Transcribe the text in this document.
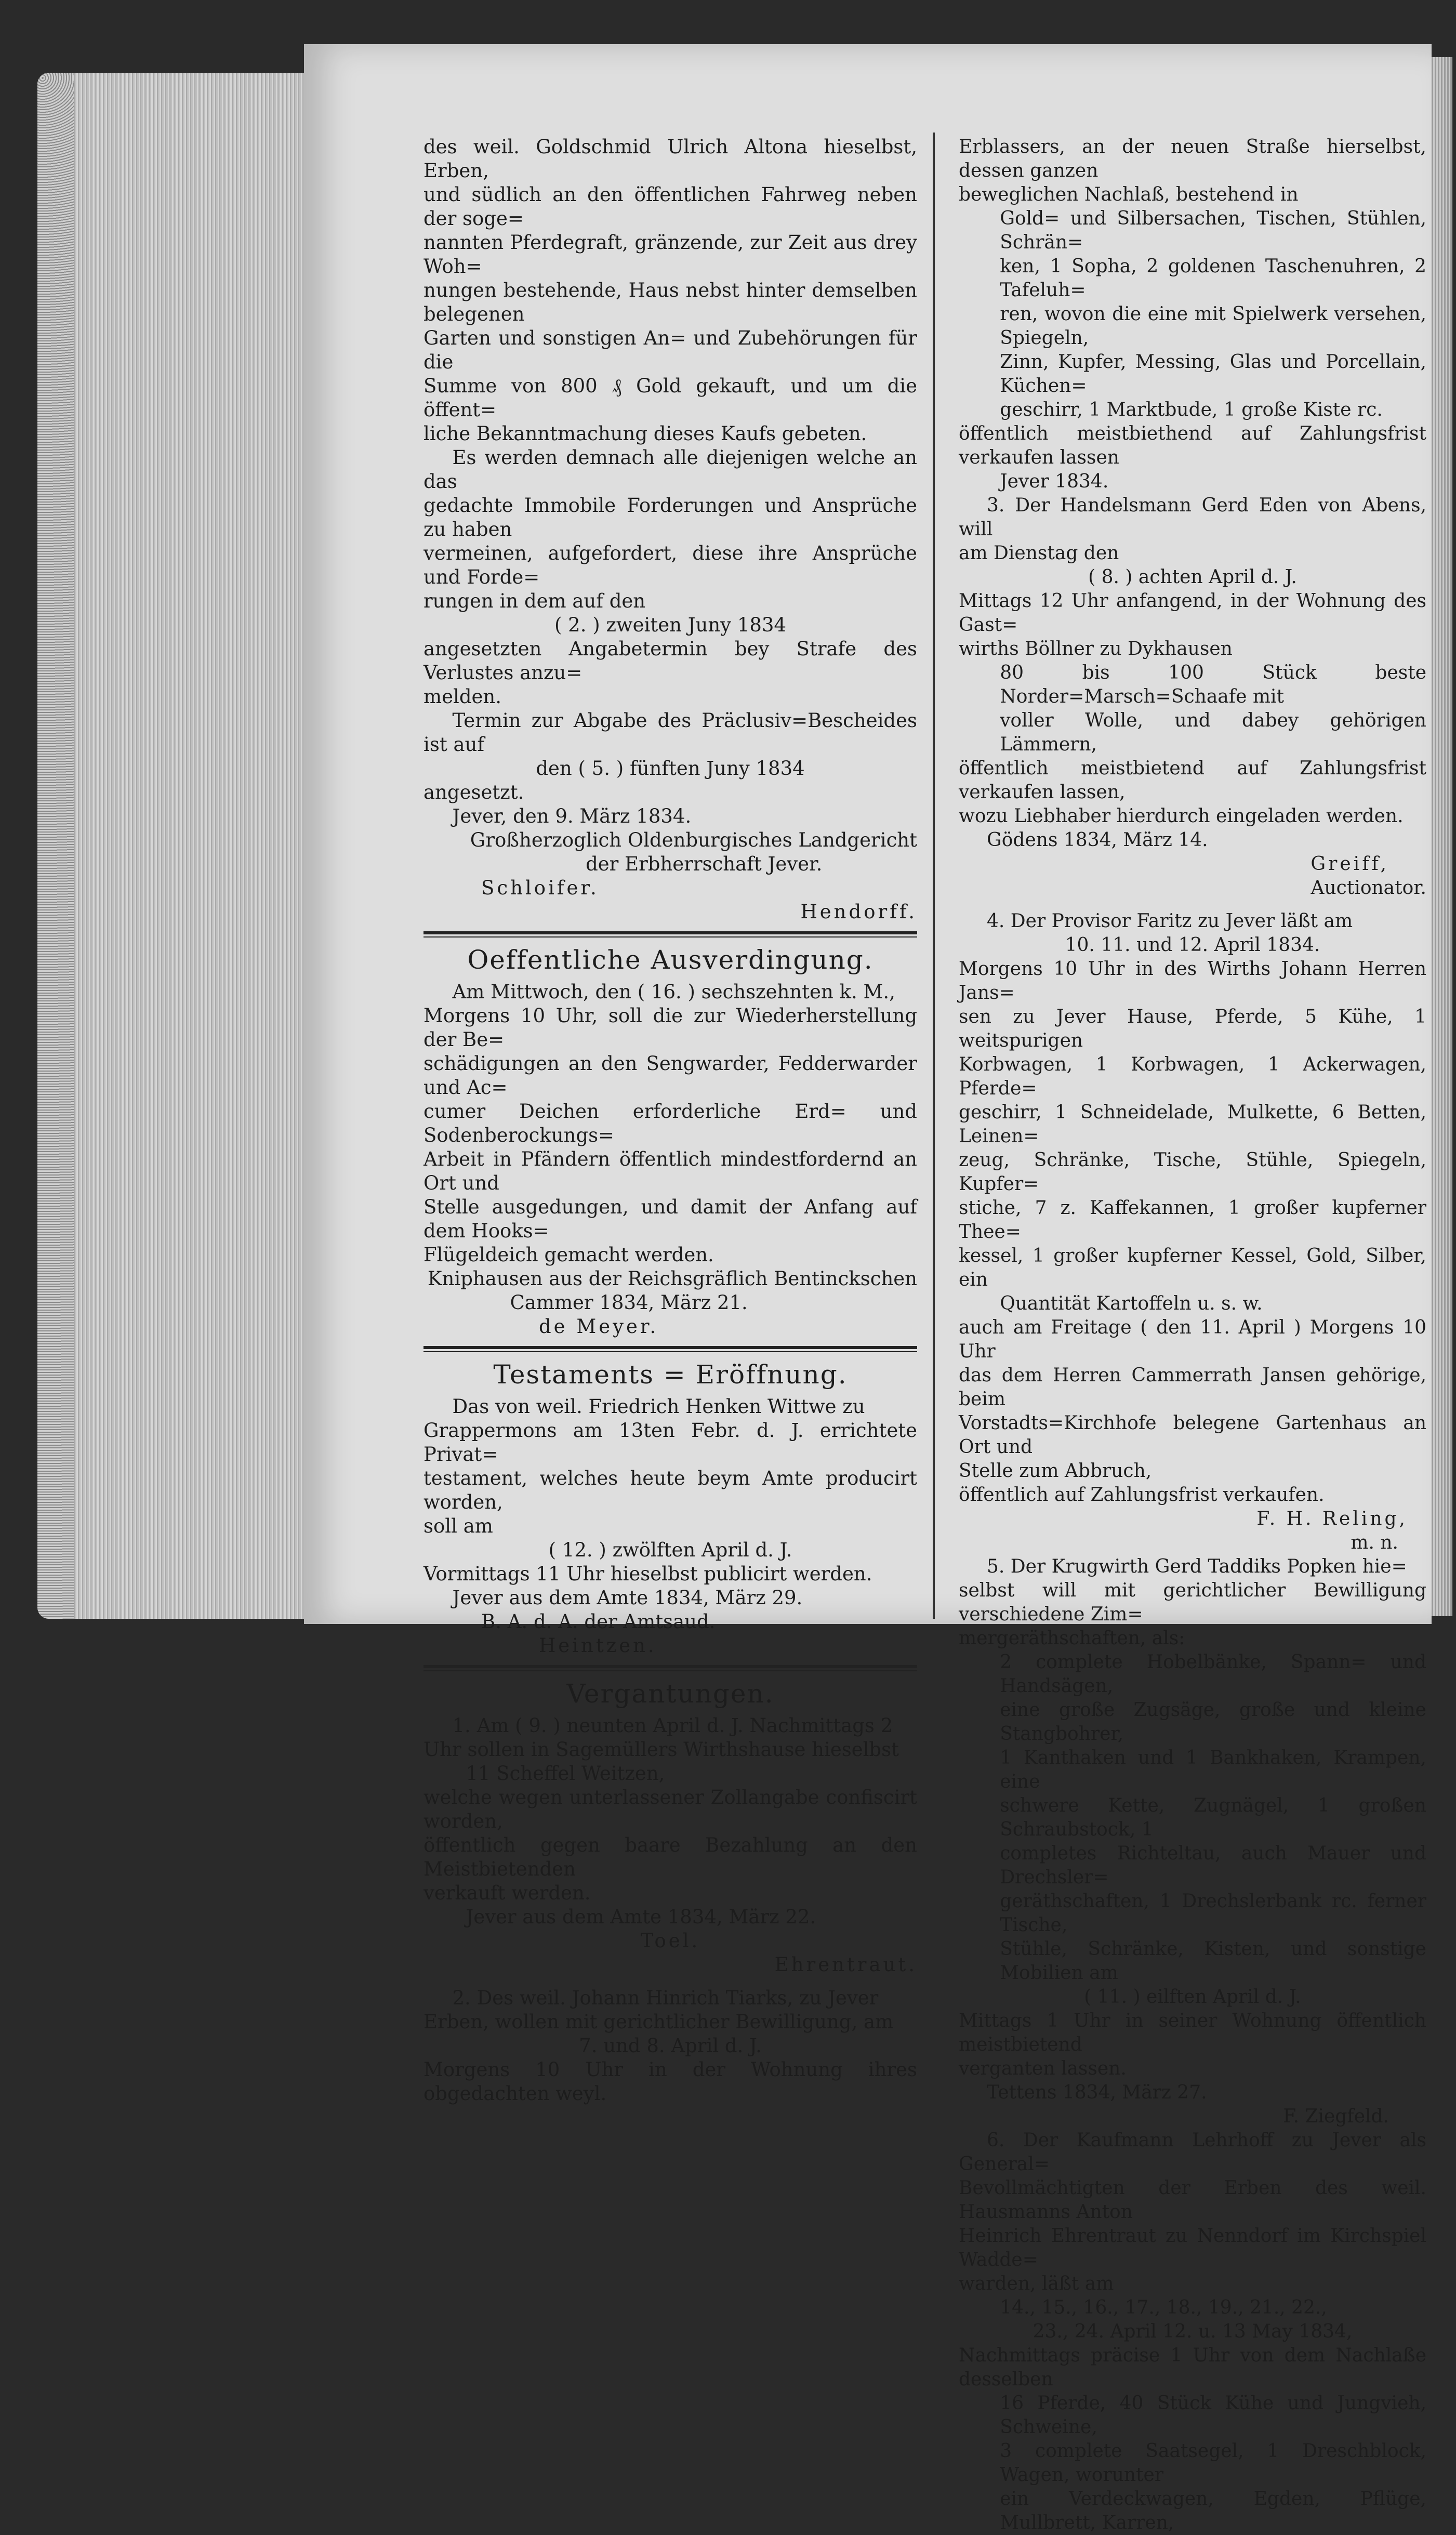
des weil. Goldschmid Ulrich Altona hieselbst, Erben,

und südlich an den öffentlichen Fahrweg neben der soge=

nannten Pferdegraft, gränzende, zur Zeit aus drey Woh=

nungen bestehende, Haus nebst hinter demselben belegenen

Garten und sonstigen An= und Zubehörungen für die

Summe von 800 ₰ Gold gekauft, und um die öffent=

liche Bekanntmachung dieses Kaufs gebeten.

Es werden demnach alle diejenigen welche an das

gedachte Immobile Forderungen und Ansprüche zu haben

vermeinen, aufgefordert, diese ihre Ansprüche und Forde=

rungen in dem auf den

( 2. ) zweiten Juny 1834

angesetzten Angabetermin bey Strafe des Verlustes anzu=

melden.

Termin zur Abgabe des Präclusiv=Bescheides ist auf

den ( 5. ) fünften Juny 1834

angesetzt.

Jever, den 9. März 1834.

Großherzoglich Oldenburgisches Landgericht

der Erbherrschaft Jever.

Schloifer.

Hendorff.

Oeffentliche Ausverdingung.

Am Mittwoch, den ( 16. ) sechszehnten k. M.,

Morgens 10 Uhr, soll die zur Wiederherstellung der Be=

schädigungen an den Sengwarder, Fedderwarder und Ac=

cumer Deichen erforderliche Erd= und Sodenberockungs=

Arbeit in Pfändern öffentlich mindestfordernd an Ort und

Stelle ausgedungen, und damit der Anfang auf dem Hooks=

Flügeldeich gemacht werden.

Kniphausen aus der Reichsgräflich Bentinckschen

Cammer 1834, März 21.

de Meyer.

Testaments = Eröffnung.

Das von weil. Friedrich Henken Wittwe zu

Grappermons am 13ten Febr. d. J. errichtete Privat=

testament, welches heute beym Amte producirt worden,

soll am

( 12. ) zwölften April d. J.

Vormittags 11 Uhr hieselbst publicirt werden.

Jever aus dem Amte 1834, März 29.

B. A. d. A. der Amtsaud.

Heintzen.

Vergantungen.

1. Am ( 9. ) neunten April d. J. Nachmittags 2

Uhr sollen in Sagemüllers Wirthshause hieselbst

11 Scheffel Weitzen,

welche wegen unterlassener Zollangabe confiscirt worden,

öffentlich gegen baare Bezahlung an den Meistbietenden

verkauft werden.

Jever aus dem Amte 1834, März 22.

Toel.

Ehrentraut.

2. Des weil. Johann Hinrich Tiarks, zu Jever

Erben, wollen mit gerichtlicher Bewilligung, am

7. und 8. April d. J.

Morgens 10 Uhr in der Wohnung ihres obgedachten weyl.

Erblassers, an der neuen Straße hierselbst, dessen ganzen

beweglichen Nachlaß, bestehend in

Gold= und Silbersachen, Tischen, Stühlen, Schrän=

ken, 1 Sopha, 2 goldenen Taschenuhren, 2 Tafeluh=

ren, wovon die eine mit Spielwerk versehen, Spiegeln,

Zinn, Kupfer, Messing, Glas und Porcellain, Küchen=

geschirr, 1 Marktbude, 1 große Kiste rc.

öffentlich meistbiethend auf Zahlungsfrist verkaufen lassen

Jever 1834.

3. Der Handelsmann Gerd Eden von Abens, will

am Dienstag den

( 8. ) achten April d. J.

Mittags 12 Uhr anfangend, in der Wohnung des Gast=

wirths Böllner zu Dykhausen

80 bis 100 Stück beste Norder=Marsch=Schaafe mit

voller Wolle, und dabey gehörigen Lämmern,

öffentlich meistbietend auf Zahlungsfrist verkaufen lassen,

wozu Liebhaber hierdurch eingeladen werden.

Gödens 1834, März 14.

Greiff,

Auctionator.

4. Der Provisor Faritz zu Jever läßt am

10. 11. und 12. April 1834.

Morgens 10 Uhr in des Wirths Johann Herren Jans=

sen zu Jever Hause, Pferde, 5 Kühe, 1 weitspurigen

Korbwagen, 1 Korbwagen, 1 Ackerwagen, Pferde=

geschirr, 1 Schneidelade, Mulkette, 6 Betten, Leinen=

zeug, Schränke, Tische, Stühle, Spiegeln, Kupfer=

stiche, 7 z. Kaffekannen, 1 großer kupferner Thee=

kessel, 1 großer kupferner Kessel, Gold, Silber, ein

Quantität Kartoffeln u. s. w.

auch am Freitage ( den 11. April ) Morgens 10 Uhr

das dem Herren Cammerrath Jansen gehörige, beim

Vorstadts=Kirchhofe belegene Gartenhaus an Ort und

Stelle zum Abbruch,

öffentlich auf Zahlungsfrist verkaufen.

F. H. Reling,

m. n.

5. Der Krugwirth Gerd Taddiks Popken hie=

selbst will mit gerichtlicher Bewilligung verschiedene Zim=

mergeräthschaften, als:

2 complete Hobelbänke, Spann= und Handsägen,

eine große Zugsäge, große und kleine Stangbohrer,

1 Kanthaken und 1 Bankhaken, Krampen, eine

schwere Kette, Zugnägel, 1 großen Schraubstock, 1

completes Richteltau, auch Mauer und Drechsler=

geräthschaften, 1 Drechslerbank rc. ferner Tische,

Stühle, Schränke, Kisten, und sonstige Mobilien am

( 11. ) eilften April d. J.

Mittags 1 Uhr in seiner Wohnung öffentlich meistbietend

verganten lassen.

Tettens 1834, März 27.

F. Ziegfeld.

6. Der Kaufmann Lehrhoff zu Jever als General=

Bevollmächtigten der Erben des weil. Hausmanns Anton

Heinrich Ehrentraut zu Nenndorf im Kirchspiel Wadde=

warden, läßt am

14., 15., 16., 17., 18., 19., 21., 22.,

23., 24. April 12. u. 13 May 1834,

Nachmittags präcise 1 Uhr von dem Nachlaße desselben

16 Pferde, 40 Stück Kühe und Jungvieh, Schweine,

3 complete Saatsegel, 1 Dreschblock, Wagen, worunter

ein Verdeckwagen, Egden, Pflüge, Mullbrett, Karren,
